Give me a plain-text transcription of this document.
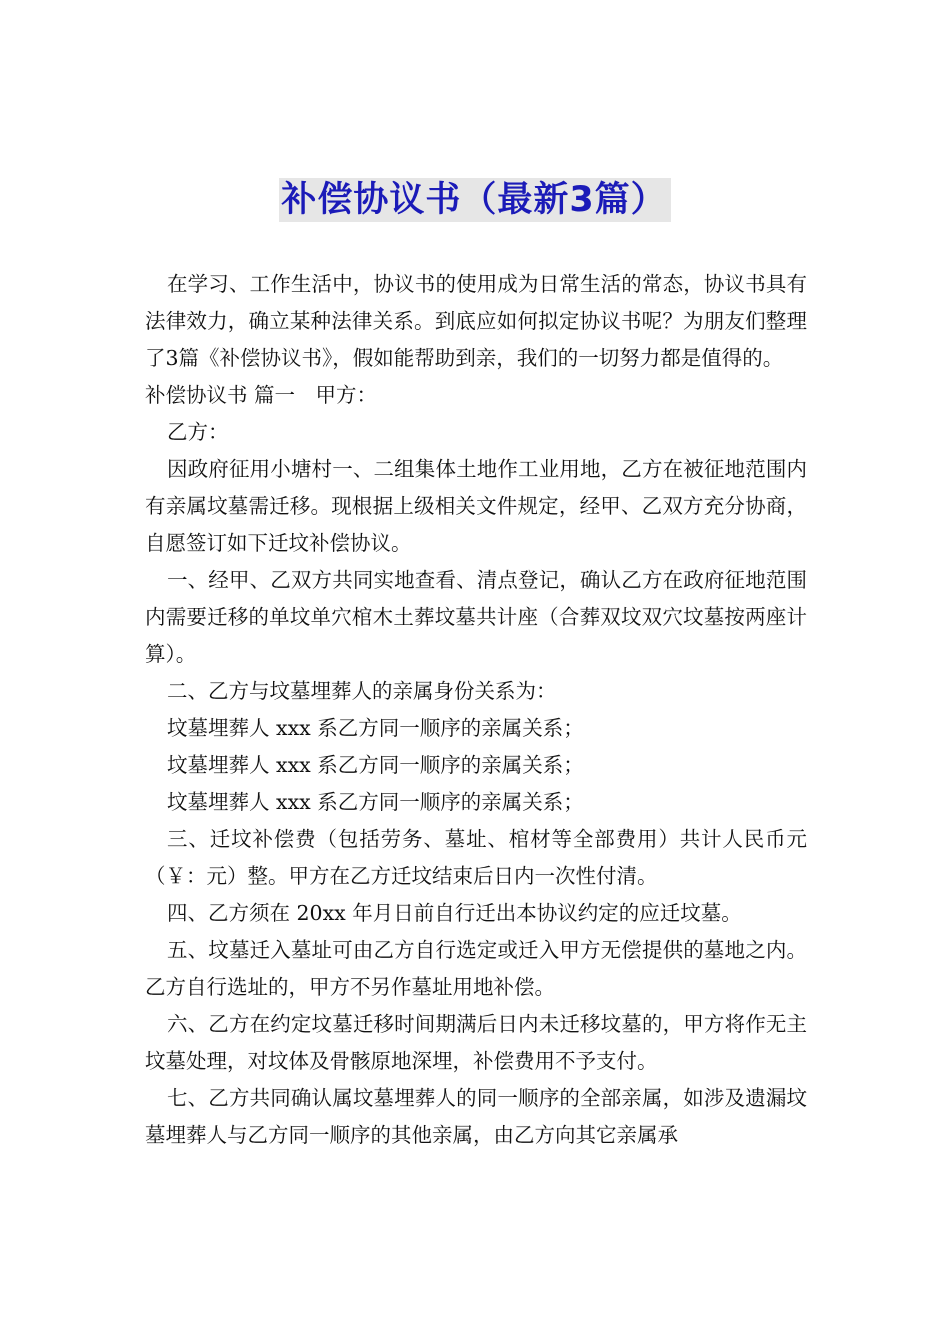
补偿协议书（最新3篇）

在学习、工作生活中，协议书的使用成为日常生活的常态，协议书具有法律效力，确立某种法律关系。到底应如何拟定协议书呢？为朋友们整理了3篇《补偿协议书》，假如能帮助到亲，我们的一切努力都是值得的。

补偿协议书 篇一　甲方：

乙方：

因政府征用小塘村一、二组集体土地作工业用地，乙方在被征地范围内有亲属坟墓需迁移。现根据上级相关文件规定，经甲、乙双方充分协商，自愿签订如下迁坟补偿协议。

一、经甲、乙双方共同实地查看、清点登记，确认乙方在政府征地范围内需要迁移的单坟单穴棺木土葬坟墓共计座（合葬双坟双穴坟墓按两座计算）。

二、乙方与坟墓埋葬人的亲属身份关系为：

坟墓埋葬人 xxx 系乙方同一顺序的亲属关系；

坟墓埋葬人 xxx 系乙方同一顺序的亲属关系；

坟墓埋葬人 xxx 系乙方同一顺序的亲属关系；

三、迁坟补偿费（包括劳务、墓址、棺材等全部费用）共计人民币元（￥：元）整。甲方在乙方迁坟结束后日内一次性付清。

四、乙方须在 20xx 年月日前自行迁出本协议约定的应迁坟墓。

五、坟墓迁入墓址可由乙方自行选定或迁入甲方无偿提供的墓地之内。乙方自行选址的，甲方不另作墓址用地补偿。

六、乙方在约定坟墓迁移时间期满后日内未迁移坟墓的，甲方将作无主坟墓处理，对坟体及骨骸原地深埋，补偿费用不予支付。

七、乙方共同确认属坟墓埋葬人的同一顺序的全部亲属，如涉及遗漏坟墓埋葬人与乙方同一顺序的其他亲属，由乙方向其它亲属承
